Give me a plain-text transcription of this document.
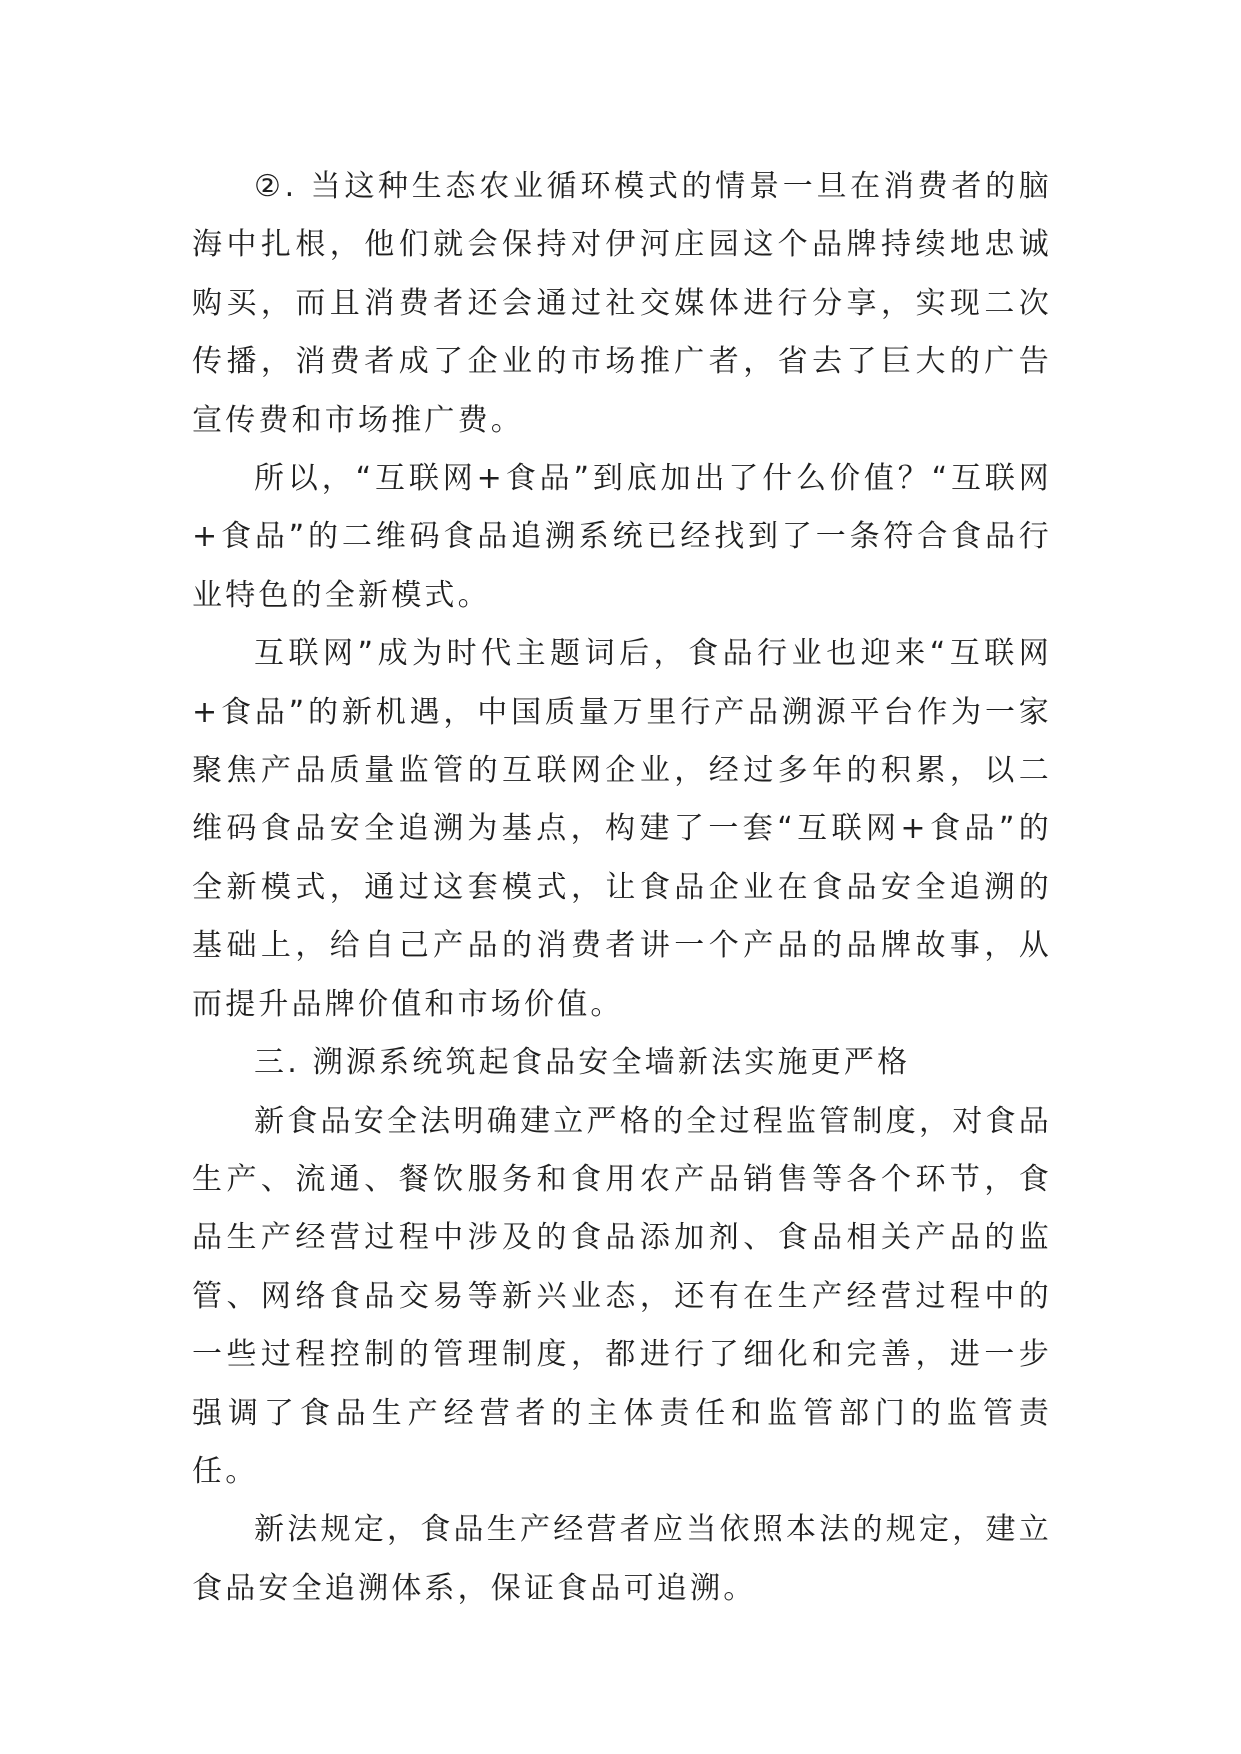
②. 当这种生态农业循环模式的情景一旦在消费者的脑海中扎根，他们就会保持对伊河庄园这个品牌持续地忠诚购买，而且消费者还会通过社交媒体进行分享，实现二次传播，消费者成了企业的市场推广者，省去了巨大的广告宣传费和市场推广费。

所以，“互联网+食品”到底加出了什么价值？“互联网+食品”的二维码食品追溯系统已经找到了一条符合食品行业特色的全新模式。

互联网”成为时代主题词后，食品行业也迎来“互联网+食品”的新机遇，中国质量万里行产品溯源平台作为一家聚焦产品质量监管的互联网企业，经过多年的积累，以二维码食品安全追溯为基点，构建了一套“互联网+食品”的全新模式，通过这套模式，让食品企业在食品安全追溯的基础上，给自己产品的消费者讲一个产品的品牌故事，从而提升品牌价值和市场价值。

三. 溯源系统筑起食品安全墙新法实施更严格

新食品安全法明确建立严格的全过程监管制度，对食品生产、流通、餐饮服务和食用农产品销售等各个环节，食品生产经营过程中涉及的食品添加剂、食品相关产品的监管、网络食品交易等新兴业态，还有在生产经营过程中的一些过程控制的管理制度，都进行了细化和完善，进一步强调了食品生产经营者的主体责任和监管部门的监管责任。

新法规定，食品生产经营者应当依照本法的规定，建立食品安全追溯体系，保证食品可追溯。
